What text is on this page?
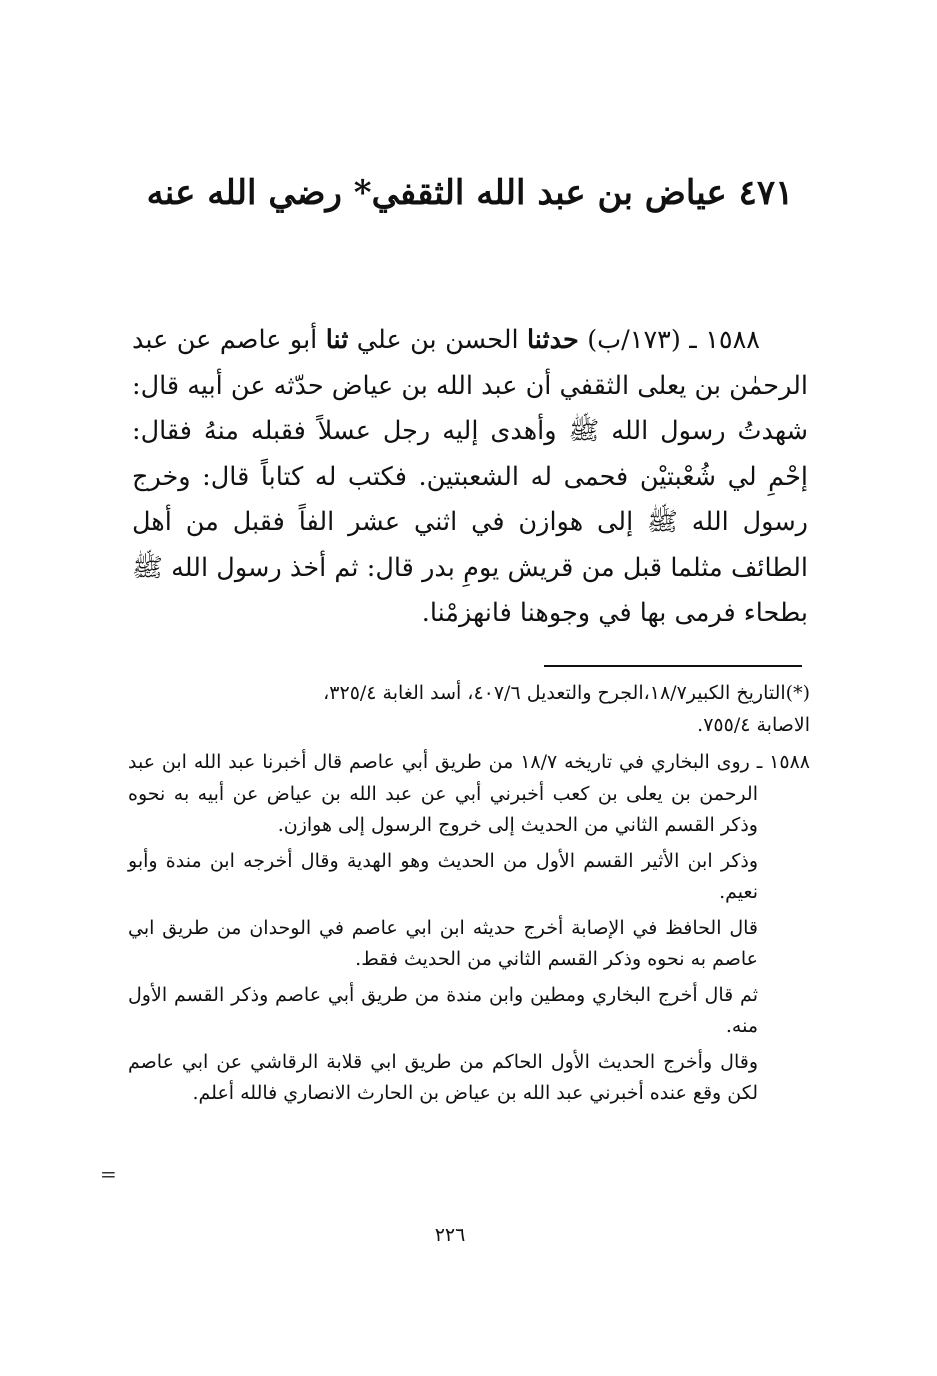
٤٧١ عياض بن عبد الله الثقفي* رضي الله عنه

١٥٨٨ ـ (١٧٣/ب) حدثنا الحسن بن علي ثنا أبو عاصم عن عبد الرحمٰن بن يعلى الثقفي أن عبد الله بن عياض حدّثه عن أبيه قال: شهدتُ رسول الله ﷺ وأهدى إليه رجل عسلاً فقبله منهُ فقال: إحْمِ لي شُعْبتيْن فحمى له الشعبتين. فكتب له كتاباً قال: وخرج رسول الله ﷺ إلى هوازن في اثني عشر الفاً فقبل من أهل الطائف مثلما قبل من قريش يومِ بدر قال: ثم أخذ رسول الله ﷺ بطحاء فرمى بها في وجوهنا فانهزمْنا.

(*)التاريخ الكبير١٨/٧،الجرح والتعديل ٤٠٧/٦، أسد الغابة ٣٢٥/٤،

الاصابة ٧٥٥/٤.

١٥٨٨ ـ روى البخاري في تاريخه ١٨/٧ من طريق أبي عاصم قال أخبرنا عبد الله ابن عبد الرحمن بن يعلى بن كعب أخبرني أبي عن عبد الله بن عياض عن أبيه به نحوه وذكر القسم الثاني من الحديث إلى خروج الرسول إلى هوازن.

وذكر ابن الأثير القسم الأول من الحديث وهو الهدية وقال أخرجه ابن مندة وأبو نعيم.

قال الحافظ في الإصابة أخرج حديثه ابن ابي عاصم في الوحدان من طريق ابي عاصم به نحوه وذكر القسم الثاني من الحديث فقط.

ثم قال أخرج البخاري ومطين وابن مندة من طريق أبي عاصم وذكر القسم الأول منه.

وقال وأخرج الحديث الأول الحاكم من طريق ابي قلابة الرقاشي عن ابي عاصم لكن وقع عنده أخبرني عبد الله بن عياض بن الحارث الانصاري فالله أعلم.

=
٢٢٦
